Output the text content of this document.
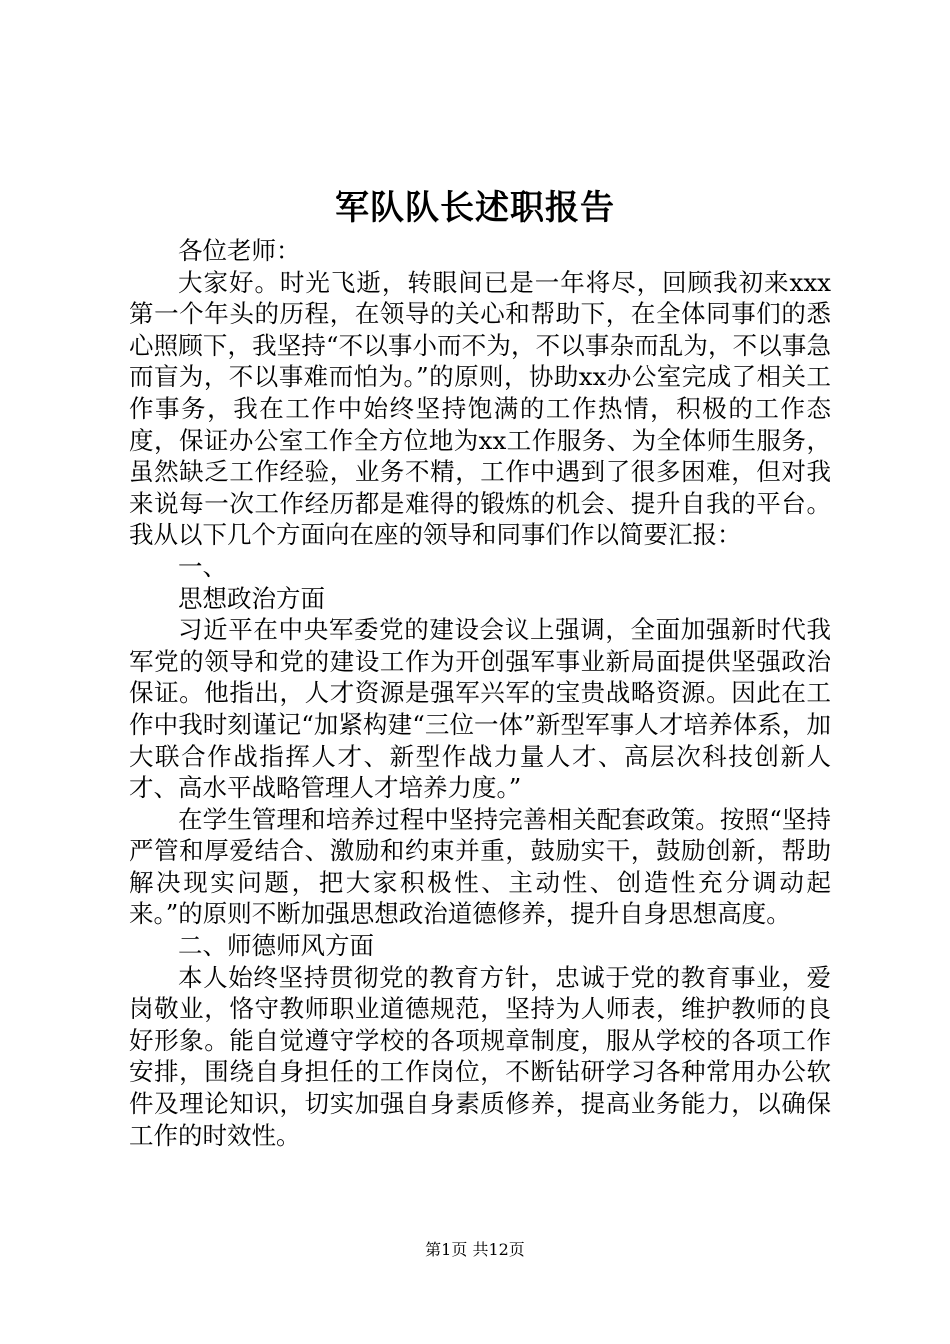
军队队长述职报告

各位老师：

大家好。时光飞逝，转眼间已是一年将尽，回顾我初来xxx第一个年头的历程，在领导的关心和帮助下，在全体同事们的悉心照顾下，我坚持“不以事小而不为，不以事杂而乱为，不以事急而盲为，不以事难而怕为。”的原则，协助xx办公室完成了相关工作事务，我在工作中始终坚持饱满的工作热情，积极的工作态度，保证办公室工作全方位地为xx工作服务、为全体师生服务，虽然缺乏工作经验，业务不精，工作中遇到了很多困难，但对我来说每一次工作经历都是难得的锻炼的机会、提升自我的平台。我从以下几个方面向在座的领导和同事们作以简要汇报：

一、

思想政治方面

习近平在中央军委党的建设会议上强调，全面加强新时代我军党的领导和党的建设工作为开创强军事业新局面提供坚强政治保证。他指出，人才资源是强军兴军的宝贵战略资源。因此在工作中我时刻谨记“加紧构建“三位一体”新型军事人才培养体系，加大联合作战指挥人才、新型作战力量人才、高层次科技创新人才、高水平战略管理人才培养力度。”

在学生管理和培养过程中坚持完善相关配套政策。按照“坚持严管和厚爱结合、激励和约束并重，鼓励实干，鼓励创新，帮助解决现实问题，把大家积极性、主动性、创造性充分调动起来。”的原则不断加强思想政治道德修养，提升自身思想高度。

二、师德师风方面

本人始终坚持贯彻党的教育方针，忠诚于党的教育事业，爱岗敬业，恪守教师职业道德规范，坚持为人师表，维护教师的良好形象。能自觉遵守学校的各项规章制度，服从学校的各项工作安排，围绕自身担任的工作岗位，不断钻研学习各种常用办公软件及理论知识，切实加强自身素质修养，提高业务能力，以确保工作的时效性。

第1页 共12页
